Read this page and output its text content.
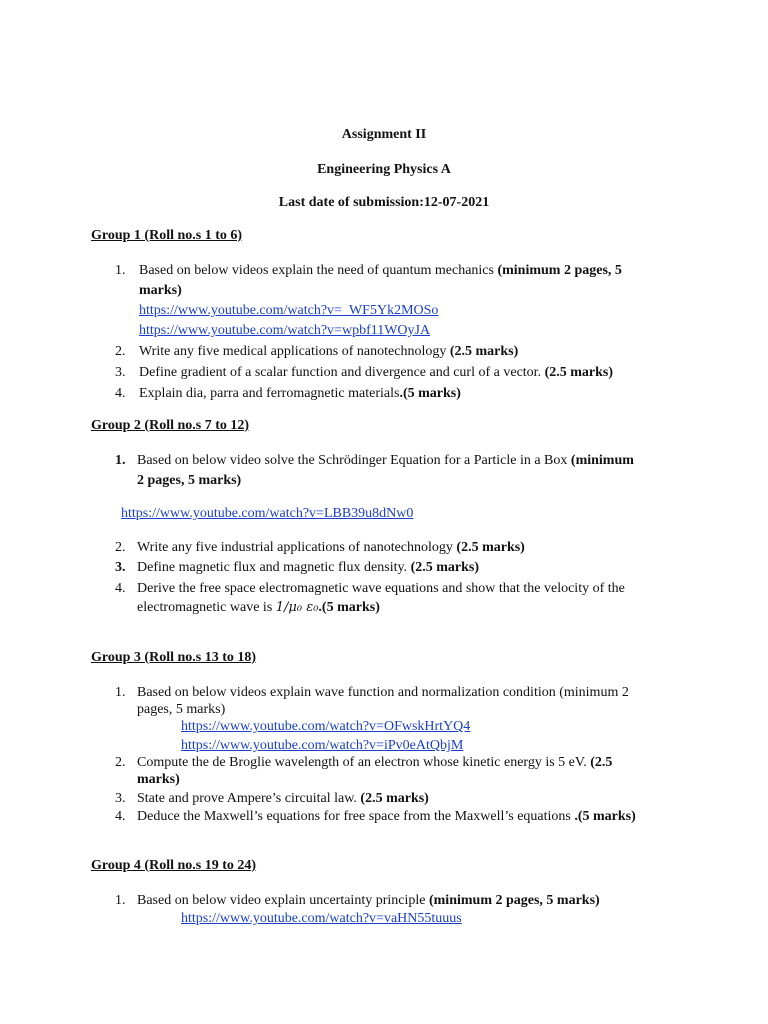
Assignment II
Engineering Physics A
Last date of submission:12-07-2021
Group 1 (Roll no.s 1 to 6)
1. Based on below videos explain the need of quantum mechanics (minimum 2 pages, 5
marks)
https://www.youtube.com/watch?v=_WF5Yk2MOSo
https://www.youtube.com/watch?v=wpbf11WOyJA
2. Write any five medical applications of nanotechnology (2.5 marks)
3. Define gradient of a scalar function and divergence and curl of a vector. (2.5 marks)
4. Explain dia, parra and ferromagnetic materials.(5 marks)
Group 2 (Roll no.s 7 to 12)
1. Based on below video solve the Schrödinger Equation for a Particle in a Box (minimum
2 pages, 5 marks)
https://www.youtube.com/watch?v=LBB39u8dNw0
2. Write any five industrial applications of nanotechnology (2.5 marks)
3. Define magnetic flux and magnetic flux density. (2.5 marks)
4. Derive the free space electromagnetic wave equations and show that the velocity of the
electromagnetic wave is 1/μ₀ ε₀.(5 marks)
Group 3 (Roll no.s 13 to 18)
1. Based on below videos explain wave function and normalization condition (minimum 2
pages, 5 marks)
https://www.youtube.com/watch?v=OFwskHrtYQ4
https://www.youtube.com/watch?v=iPv0eAtQbjM
2. Compute the de Broglie wavelength of an electron whose kinetic energy is 5 eV. (2.5
marks)
3. State and prove Ampere’s circuital law. (2.5 marks)
4. Deduce the Maxwell’s equations for free space from the Maxwell’s equations .(5 marks)
Group 4 (Roll no.s 19 to 24)
1. Based on below video explain uncertainty principle (minimum 2 pages, 5 marks)
https://www.youtube.com/watch?v=vaHN55tuuus
